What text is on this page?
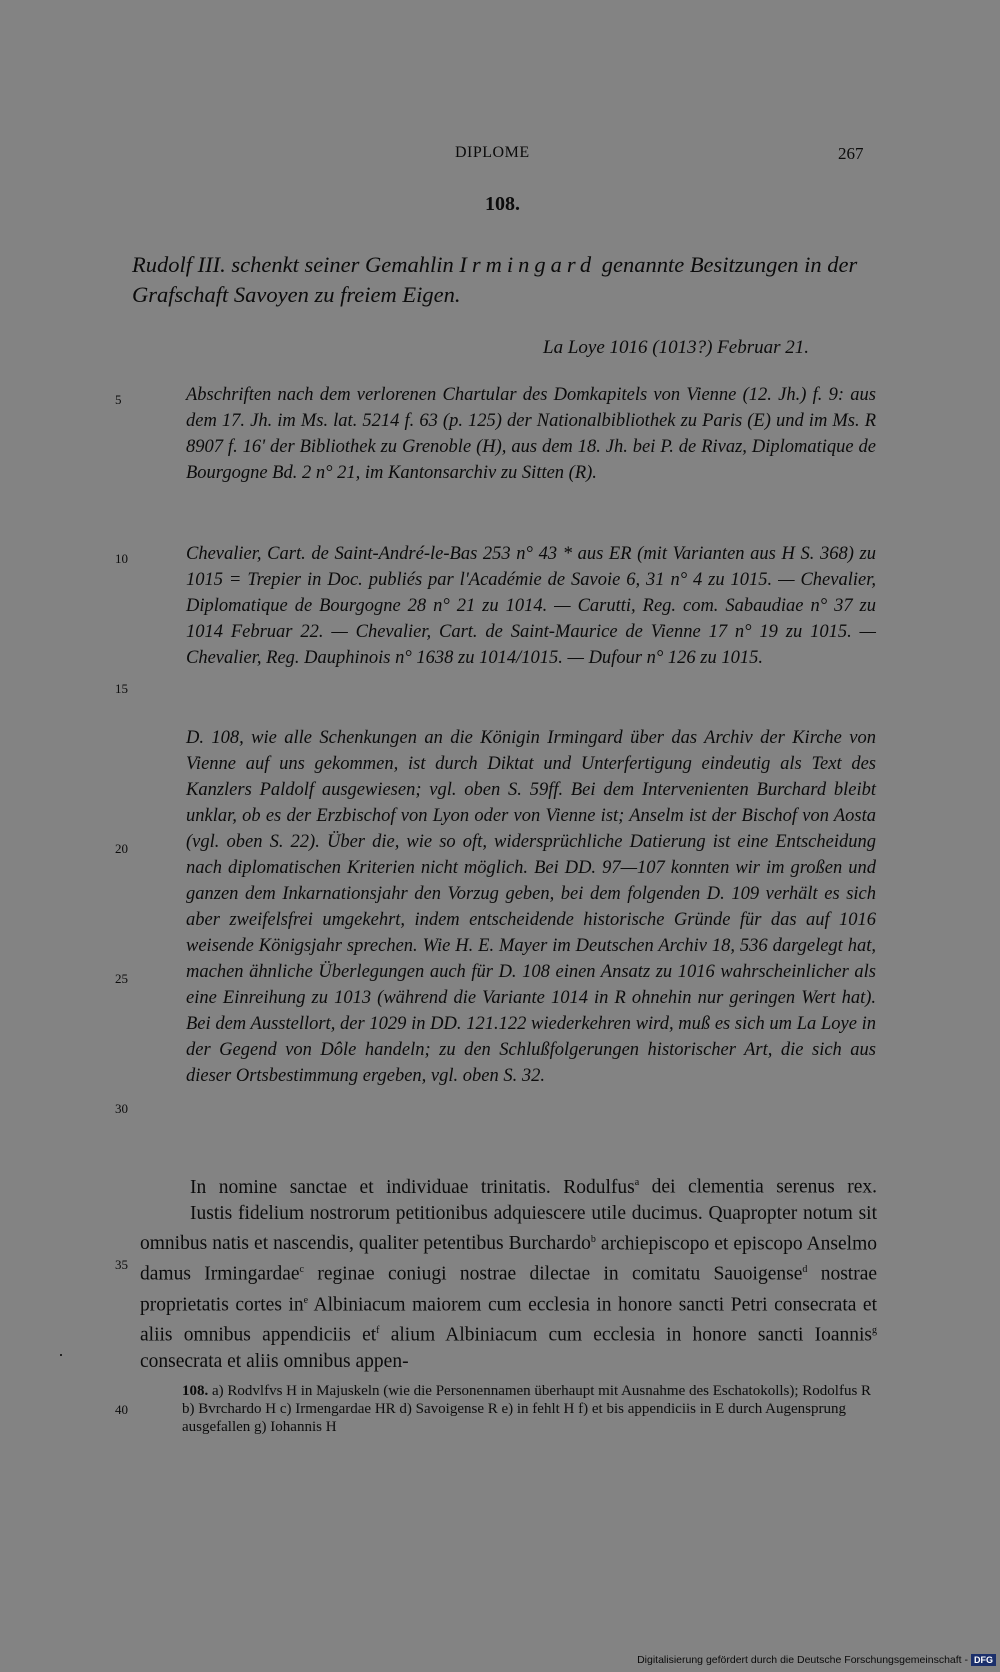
DIPLOME	267
108.
Rudolf III. schenkt seiner Gemahlin Irmingard genannte Besitzungen in der Grafschaft Savoyen zu freiem Eigen.
La Loye 1016 (1013?) Februar 21.
5
10
15
20
25
30
35
40
Abschriften nach dem verlorenen Chartular des Domkapitels von Vienne (12. Jh.) f. 9: aus dem 17. Jh. im Ms. lat. 5214 f. 63 (p. 125) der Nationalbibliothek zu Paris (E) und im Ms. R 8907 f. 16' der Bibliothek zu Grenoble (H), aus dem 18. Jh. bei P. de Rivaz, Diplomatique de Bourgogne Bd. 2 n° 21, im Kantonsarchiv zu Sitten (R).
Chevalier, Cart. de Saint-André-le-Bas 253 n° 43 * aus ER (mit Varianten aus H S. 368) zu 1015 = Trepier in Doc. publiés par l'Académie de Savoie 6, 31 n° 4 zu 1015. — Chevalier, Diplomatique de Bourgogne 28 n° 21 zu 1014. — Carutti, Reg. com. Sabaudiae n° 37 zu 1014 Februar 22. — Chevalier, Cart. de Saint-Maurice de Vienne 17 n° 19 zu 1015. — Chevalier, Reg. Dauphinois n° 1638 zu 1014/1015. — Dufour n° 126 zu 1015.
D. 108, wie alle Schenkungen an die Königin Irmingard über das Archiv der Kirche von Vienne auf uns gekommen, ist durch Diktat und Unterfertigung eindeutig als Text des Kanzlers Paldolf ausgewiesen; vgl. oben S. 59ff. Bei dem Intervenienten Burchard bleibt unklar, ob es der Erzbischof von Lyon oder von Vienne ist; Anselm ist der Bischof von Aosta (vgl. oben S. 22). Über die, wie so oft, widersprüchliche Datierung ist eine Entscheidung nach diplomatischen Kriterien nicht möglich. Bei DD. 97—107 konnten wir im großen und ganzen dem Inkarnationsjahr den Vorzug geben, bei dem folgenden D. 109 verhält es sich aber zweifelsfrei umgekehrt, indem entscheidende historische Gründe für das auf 1016 weisende Königsjahr sprechen. Wie H. E. Mayer im Deutschen Archiv 18, 536 dargelegt hat, machen ähnliche Überlegungen auch für D. 108 einen Ansatz zu 1016 wahrscheinlicher als eine Einreihung zu 1013 (während die Variante 1014 in R ohnehin nur geringen Wert hat). Bei dem Ausstellort, der 1029 in DD. 121.122 wiederkehren wird, muß es sich um La Loye in der Gegend von Dôle handeln; zu den Schlußfolgerungen historischer Art, die sich aus dieser Ortsbestimmung ergeben, vgl. oben S. 32.
In nomine sanctae et individuae trinitatis. Rodulfus$^a$ dei clementia serenus rex. Iustis fidelium nostrorum petitionibus adquiescere utile ducimus. Quapropter notum sit omnibus natis et nascendis, qualiter petentibus Burchardo$^b$ archiepiscopo et episcopo Anselmo damus Irmingardae$^c$ reginae coniugi nostrae dilectae in comitatu Sauoigense$^d$ nostrae proprietatis cortes $in^e$ Albiniacum maiorem cum ecclesia in honore sancti Petri consecrata et aliis omnibus appendiciis $et^f$ alium Albiniacum cum ecclesia in honore sancti Ioannis$^g$ consecrata et aliis omnibus appen-
108. a) Rodvlfvs H in Majuskeln (wie die Personennamen überhaupt mit Ausnahme des Eschatokolls); Rodolfus R b) Bvrchardo H c) Irmengardae HR d) Savoigense R e) in fehlt H f) et bis appendiciis in E durch Augensprung ausgefallen g) Iohannis H
Digitalisierung gefördert durch die Deutsche Forschungsgemeinschaft - DFG
